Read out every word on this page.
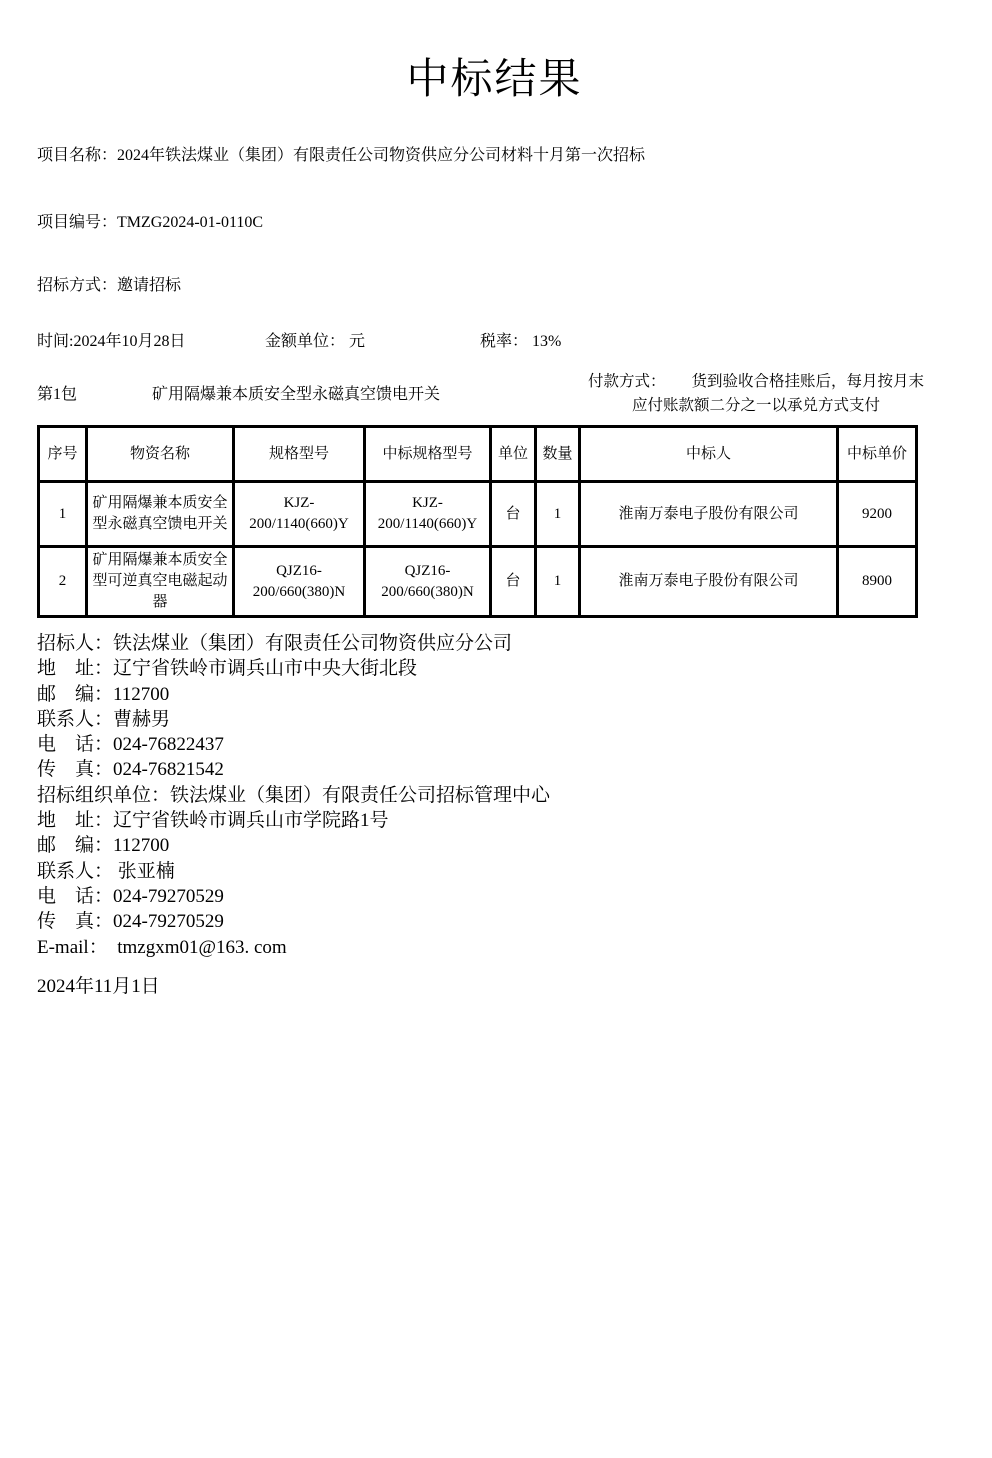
中标结果
项目名称：2024年铁法煤业（集团）有限责任公司物资供应分公司材料十月第一次招标
项目编号：TMZG2024-01-0110C
招标方式：邀请招标
时间:2024年10月28日	金额单位： 元	税率： 13%
第1包	矿用隔爆兼本质安全型永磁真空馈电开关
付款方式： 货到验收合格挂账后，每月按月末应付账款额二分之一以承兑方式支付
序号	物资名称	规格型号	中标规格型号	单位	数量	中标人	中标单价
1	矿用隔爆兼本质安全型永磁真空馈电开关	KJZ-200/1140(660)Y	KJZ-200/1140(660)Y	台	1	淮南万泰电子股份有限公司	9200
2	矿用隔爆兼本质安全型可逆真空电磁起动器	QJZ16-200/660(380)N	QJZ16-200/660(380)N	台	1	淮南万泰电子股份有限公司	8900
招标人：铁法煤业（集团）有限责任公司物资供应分公司
地　址：辽宁省铁岭市调兵山市中央大街北段
邮　编：112700
联系人：曹赫男
电　话：024-76822437
传　真：024-76821542
招标组织单位：铁法煤业（集团）有限责任公司招标管理中心
地　址：辽宁省铁岭市调兵山市学院路1号
邮　编：112700
联系人： 张亚楠
电　话：024-79270529
传　真：024-79270529
E-mail：  tmzgxm01@163. com
2024年11月1日
